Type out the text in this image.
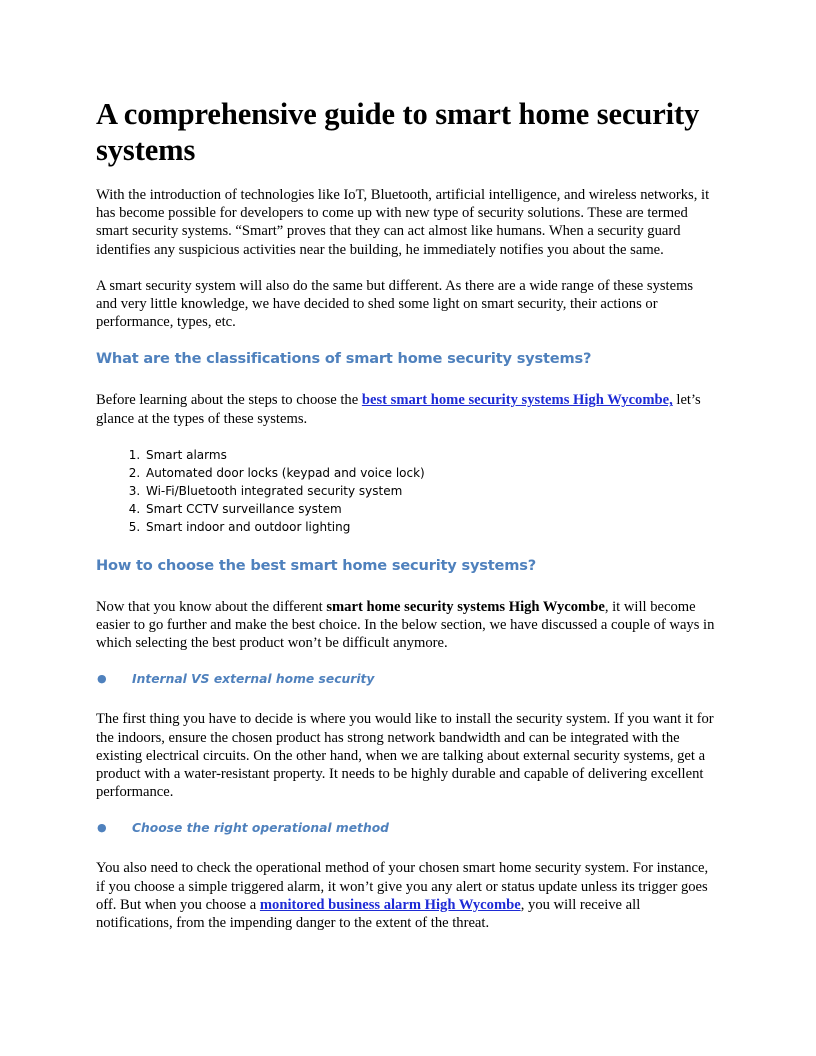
A comprehensive guide to smart home security systems

With the introduction of technologies like IoT, Bluetooth, artificial intelligence, and wireless networks, it has become possible for developers to come up with new type of security solutions. These are termed smart security systems. “Smart” proves that they can act almost like humans. When a security guard identifies any suspicious activities near the building, he immediately notifies you about the same.

A smart security system will also do the same but different. As there are a wide range of these systems and very little knowledge, we have decided to shed some light on smart security, their actions or performance, types, etc.

What are the classifications of smart home security systems?

Before learning about the steps to choose the best smart home security systems High Wycombe, let’s glance at the types of these systems.

1. Smart alarms
2. Automated door locks (keypad and voice lock)
3. Wi-Fi/Bluetooth integrated security system
4. Smart CCTV surveillance system
5. Smart indoor and outdoor lighting
How to choose the best smart home security systems?

Now that you know about the different smart home security systems High Wycombe, it will become easier to go further and make the best choice. In the below section, we have discussed a couple of ways in which selecting the best product won’t be difficult anymore.

●	Internal VS external home security

The first thing you have to decide is where you would like to install the security system. If you want it for the indoors, ensure the chosen product has strong network bandwidth and can be integrated with the existing electrical circuits. On the other hand, when we are talking about external security systems, get a product with a water-resistant property. It needs to be highly durable and capable of delivering excellent performance.

●	Choose the right operational method

You also need to check the operational method of your chosen smart home security system. For instance, if you choose a simple triggered alarm, it won’t give you any alert or status update unless its trigger goes off. But when you choose a monitored business alarm High Wycombe, you will receive all notifications, from the impending danger to the extent of the threat.
